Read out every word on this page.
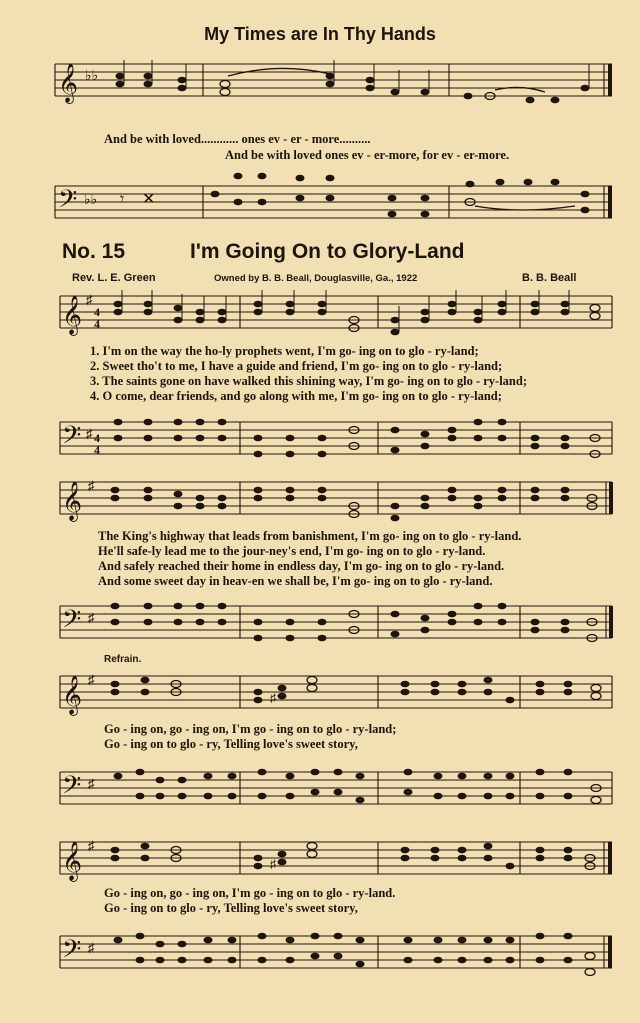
My Times are In Thy Hands
𝄞 ♭♭
And be with loved............ ones ev - er - more..........
And be with loved ones ev - er-more, for ev - er-more.
𝄢 ♭♭ 𝄾 ✕
No. 15	I'm Going On to Glory-Land
Rev. L. E. Green	Owned by B. B. Beall, Douglasville, Ga., 1922	B. B. Beall
𝄞 ♯
4
4
1. I'm on the way the ho-ly prophets went, I'm go- ing on to glo - ry-land;
2. Sweet tho't to me, I have a guide and friend, I'm go- ing on to glo - ry-land;
3. The saints gone on have walked this shining way, I'm go- ing on to glo - ry-land;
4. O come, dear friends, and go along with me, I'm go- ing on to glo - ry-land;
𝄢 ♯ 4
4
𝄞 ♯
The King's highway that leads from banishment, I'm go- ing on to glo - ry-land.
He'll safe-ly lead me to the jour-ney's end, I'm go- ing on to glo - ry-land.
And safely reached their home in endless day, I'm go- ing on to glo - ry-land.
And some sweet day in heav-en we shall be, I'm go- ing on to glo - ry-land.
𝄢 ♯
Refrain.
𝄞 ♯
♯
Go - ing on, go - ing on, I'm go - ing on to glo - ry-land;
Go - ing on to glo - ry, Telling love's sweet story,
𝄢 ♯
𝄞 ♯
♯
Go - ing on, go - ing on, I'm go - ing on to glo - ry-land.
Go - ing on to glo - ry, Telling love's sweet story,
𝄢 ♯
